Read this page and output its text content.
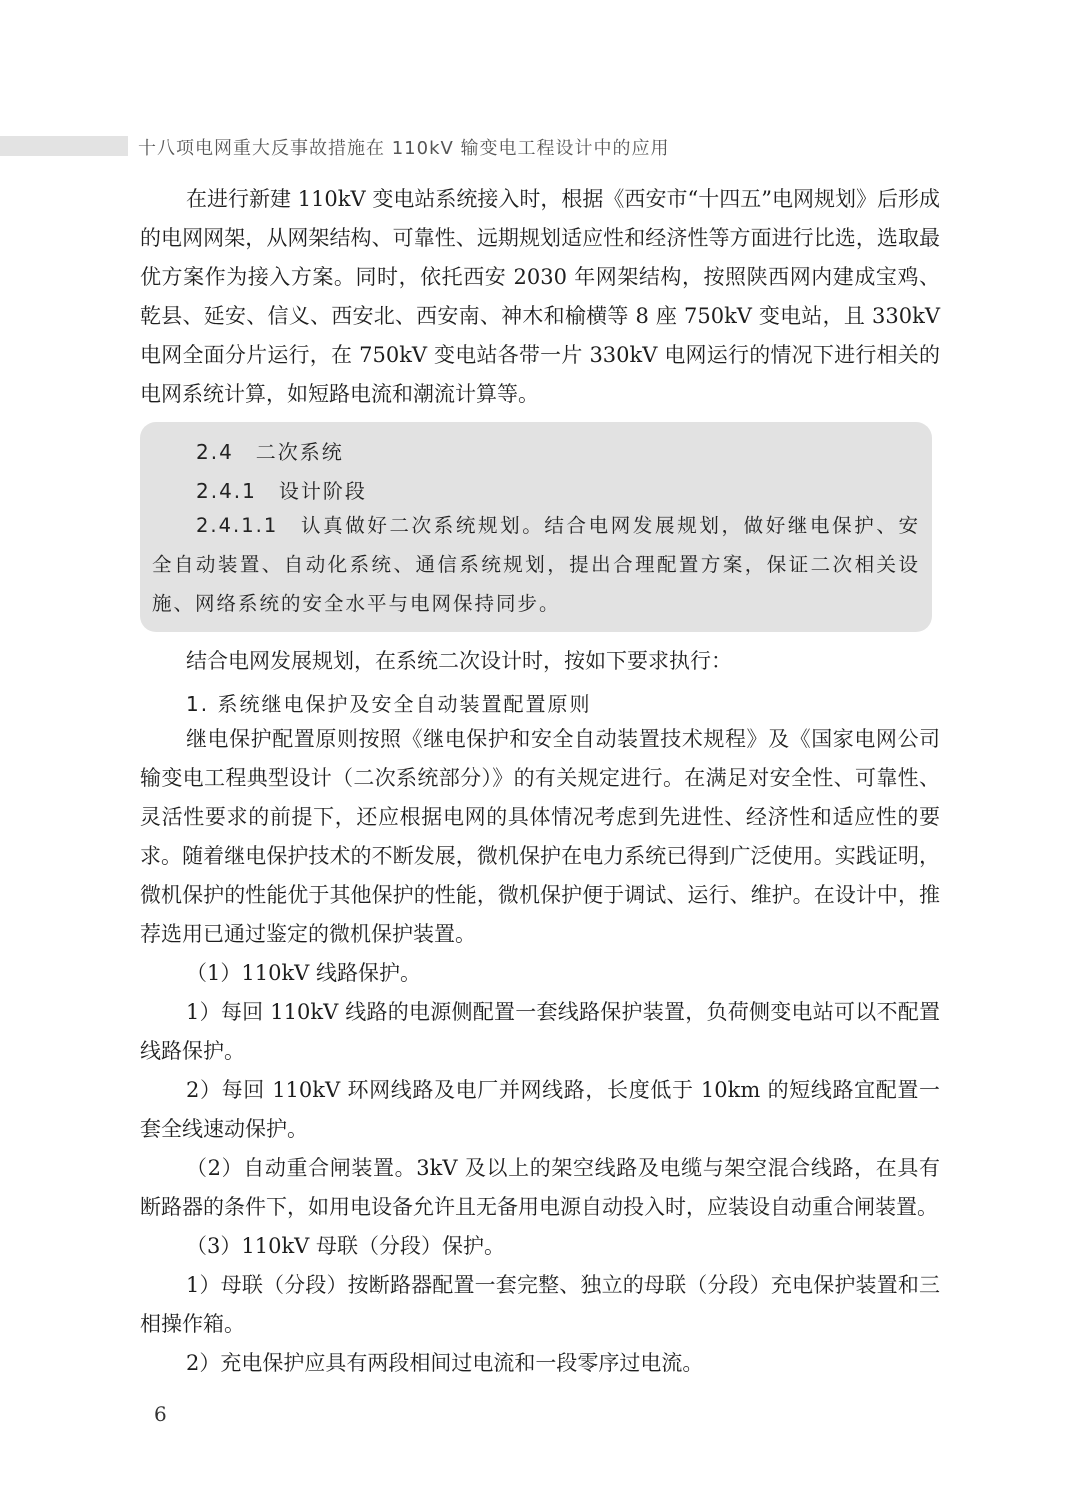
十八项电网重大反事故措施在 110kV 输变电工程设计中的应用

在进行新建 110kV 变电站系统接入时，根据《西安市“十四五”电网规划》后形成的电网网架，从网架结构、可靠性、远期规划适应性和经济性等方面进行比选，选取最优方案作为接入方案。同时，依托西安 2030 年网架结构，按照陕西网内建成宝鸡、乾县、延安、信义、西安北、西安南、神木和榆横等 8 座 750kV 变电站，且 330kV 电网全面分片运行，在 750kV 变电站各带一片 330kV 电网运行的情况下进行相关的电网系统计算，如短路电流和潮流计算等。

2.4　二次系统
2.4.1　设计阶段

2.4.1.1　认真做好二次系统规划。结合电网发展规划，做好继电保护、安全自动装置、自动化系统、通信系统规划，提出合理配置方案，保证二次相关设施、网络系统的安全水平与电网保持同步。

结合电网发展规划，在系统二次设计时，按如下要求执行：

1. 系统继电保护及安全自动装置配置原则

继电保护配置原则按照《继电保护和安全自动装置技术规程》及《国家电网公司输变电工程典型设计（二次系统部分）》的有关规定进行。在满足对安全性、可靠性、灵活性要求的前提下，还应根据电网的具体情况考虑到先进性、经济性和适应性的要求。随着继电保护技术的不断发展，微机保护在电力系统已得到广泛使用。实践证明，微机保护的性能优于其他保护的性能，微机保护便于调试、运行、维护。在设计中，推荐选用已通过鉴定的微机保护装置。

（1）110kV 线路保护。

1）每回 110kV 线路的电源侧配置一套线路保护装置，负荷侧变电站可以不配置线路保护。

2）每回 110kV 环网线路及电厂并网线路，长度低于 10km 的短线路宜配置一套全线速动保护。

（2）自动重合闸装置。3kV 及以上的架空线路及电缆与架空混合线路，在具有断路器的条件下，如用电设备允许且无备用电源自动投入时，应装设自动重合闸装置。

（3）110kV 母联（分段）保护。

1）母联（分段）按断路器配置一套完整、独立的母联（分段）充电保护装置和三相操作箱。

2）充电保护应具有两段相间过电流和一段零序过电流。

6
